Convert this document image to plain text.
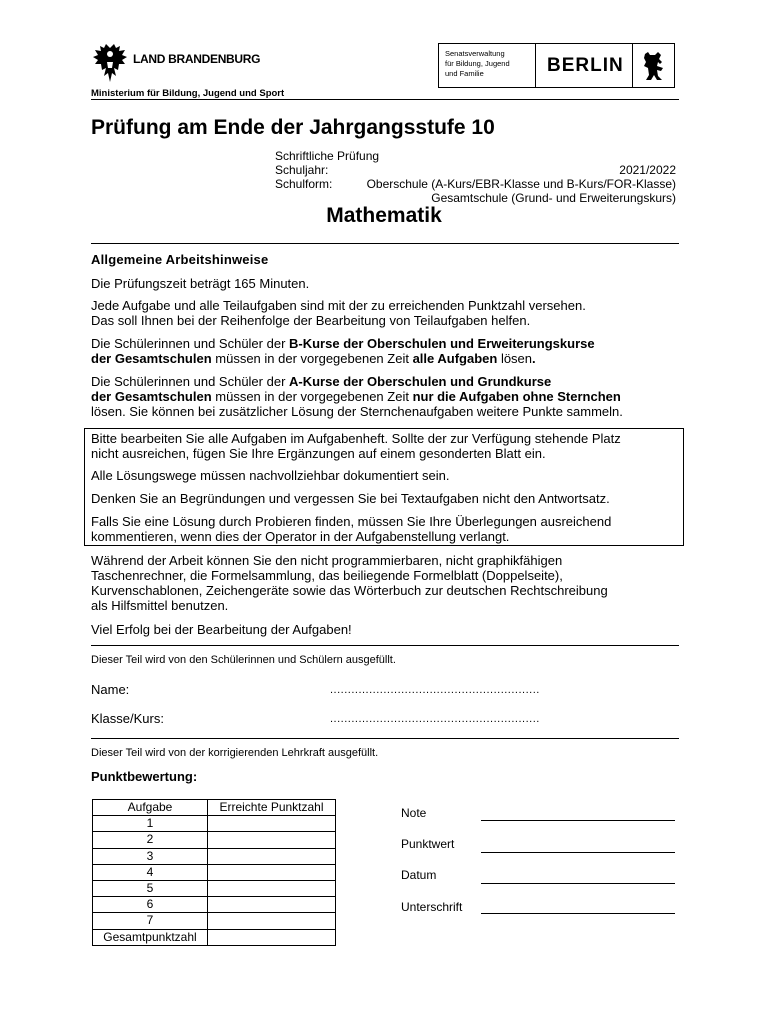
LAND BRANDENBURG
Ministerium für Bildung, Jugend und Sport
Senatsverwaltung
für Bildung, Jugend
und Familie	BERLIN
Prüfung am Ende der Jahrgangsstufe 10
Schriftliche Prüfung
Schuljahr:	2021/2022
Schulform:	Oberschule (A-Kurs/EBR-Klasse und B-Kurs/FOR-Klasse)
Gesamtschule (Grund- und Erweiterungskurs)
Mathematik
Allgemeine Arbeitshinweise
Die Prüfungszeit beträgt 165 Minuten.
Jede Aufgabe und alle Teilaufgaben sind mit der zu erreichenden Punktzahl versehen.
Das soll Ihnen bei der Reihenfolge der Bearbeitung von Teilaufgaben helfen.
Die Schülerinnen und Schüler der B-Kurse der Oberschulen und Erweiterungskurse
der Gesamtschulen müssen in der vorgegebenen Zeit alle Aufgaben lösen.
Die Schülerinnen und Schüler der A-Kurse der Oberschulen und Grundkurse
der Gesamtschulen müssen in der vorgegebenen Zeit nur die Aufgaben ohne Sternchen
lösen. Sie können bei zusätzlicher Lösung der Sternchenaufgaben weitere Punkte sammeln.
Bitte bearbeiten Sie alle Aufgaben im Aufgabenheft. Sollte der zur Verfügung stehende Platz
nicht ausreichen, fügen Sie Ihre Ergänzungen auf einem gesonderten Blatt ein.
Alle Lösungswege müssen nachvollziehbar dokumentiert sein.
Denken Sie an Begründungen und vergessen Sie bei Textaufgaben nicht den Antwortsatz.
Falls Sie eine Lösung durch Probieren finden, müssen Sie Ihre Überlegungen ausreichend
kommentieren, wenn dies der Operator in der Aufgabenstellung verlangt.
Während der Arbeit können Sie den nicht programmierbaren, nicht graphikfähigen
Taschenrechner, die Formelsammlung, das beiliegende Formelblatt (Doppelseite),
Kurvenschablonen, Zeichengeräte sowie das Wörterbuch zur deutschen Rechtschreibung
als Hilfsmittel benutzen.
Viel Erfolg bei der Bearbeitung der Aufgaben!
Dieser Teil wird von den Schülerinnen und Schülern ausgefüllt.
Name:	...........................................................
Klasse/Kurs:	...........................................................
Dieser Teil wird von der korrigierenden Lehrkraft ausgefüllt.
Punktbewertung:
Aufgabe	Erreichte Punktzahl
1	
2	
3	
4	
5	
6	
7	
Gesamtpunktzahl	
Note
Punktwert
Datum
Unterschrift
